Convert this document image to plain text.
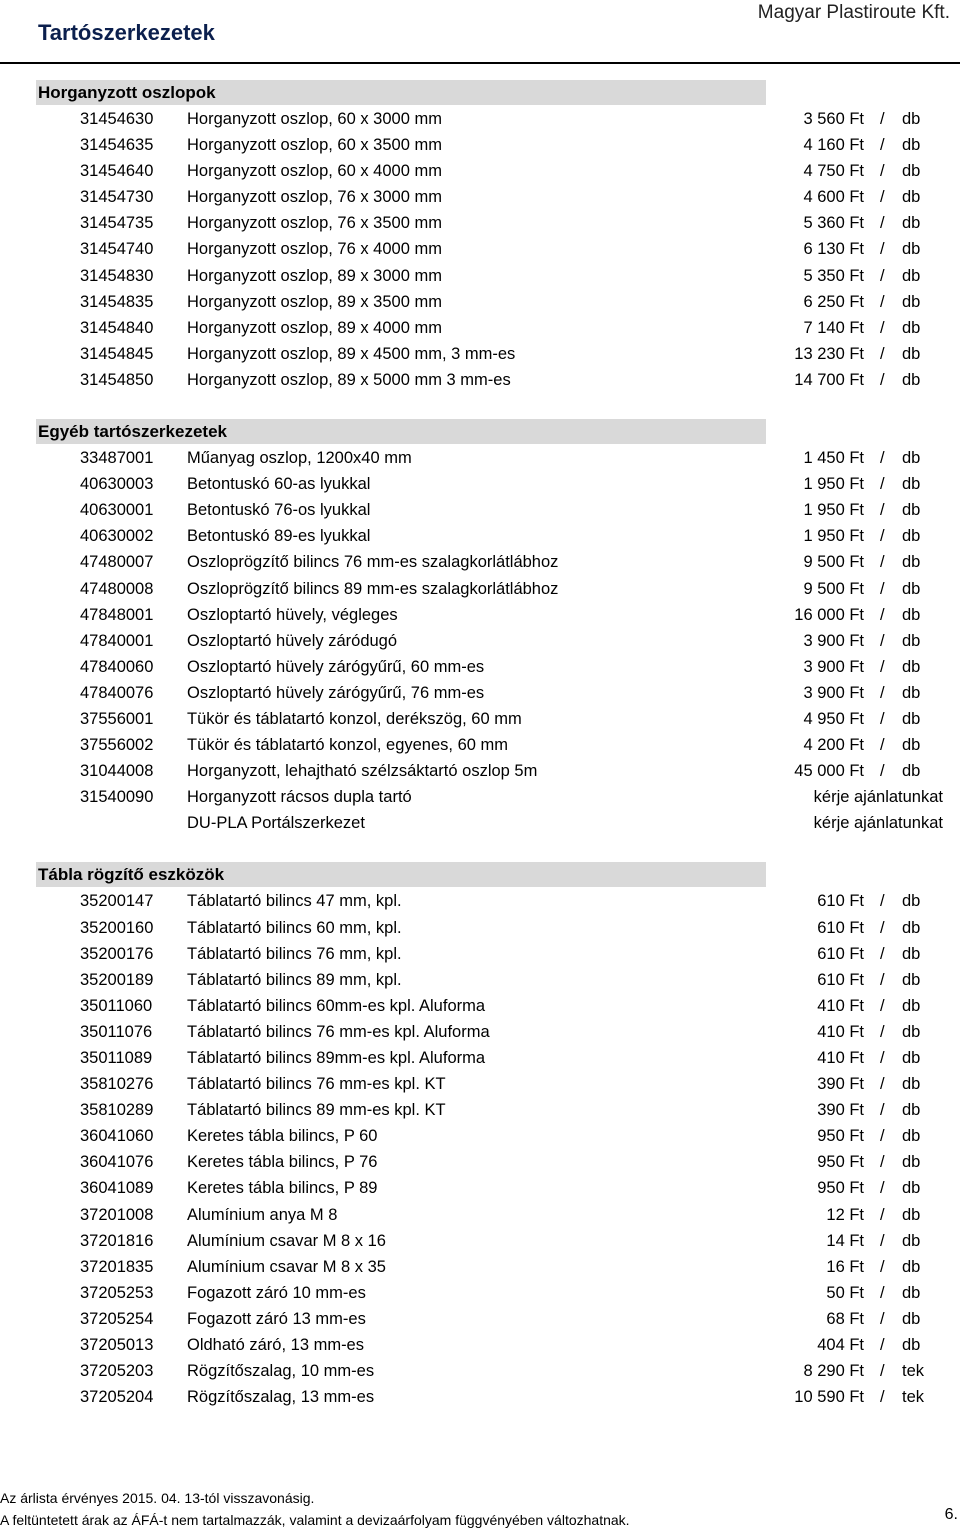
Tartószerkezetek
Magyar Plastiroute Kft.
Horganyzott oszlopok
31454630 Horganyzott oszlop, 60 x 3000 mm	3 560 Ft / db
31454635 Horganyzott oszlop, 60 x 3500 mm	4 160 Ft / db
31454640 Horganyzott oszlop, 60 x 4000 mm	4 750 Ft / db
31454730 Horganyzott oszlop, 76 x 3000 mm	4 600 Ft / db
31454735 Horganyzott oszlop, 76 x 3500 mm	5 360 Ft / db
31454740 Horganyzott oszlop, 76 x 4000 mm	6 130 Ft / db
31454830 Horganyzott oszlop, 89 x 3000 mm	5 350 Ft / db
31454835 Horganyzott oszlop, 89 x 3500 mm	6 250 Ft / db
31454840 Horganyzott oszlop, 89 x 4000 mm	7 140 Ft / db
31454845 Horganyzott oszlop, 89 x 4500 mm, 3 mm-es	13 230 Ft / db
31454850 Horganyzott oszlop, 89 x 5000 mm 3 mm-es	14 700 Ft / db
Egyéb tartószerkezetek
33487001 Műanyag oszlop, 1200x40 mm	1 450 Ft / db
40630003 Betontuskó 60-as lyukkal	1 950 Ft / db
40630001 Betontuskó 76-os lyukkal	1 950 Ft / db
40630002 Betontuskó 89-es lyukkal	1 950 Ft / db
47480007 Oszloprögzítő bilincs 76 mm-es szalagkorlátlábhoz	9 500 Ft / db
47480008 Oszloprögzítő bilincs 89 mm-es szalagkorlátlábhoz	9 500 Ft / db
47848001 Oszloptartó hüvely, végleges	16 000 Ft / db
47840001 Oszloptartó hüvely záródugó	3 900 Ft / db
47840060 Oszloptartó hüvely zárógyűrű, 60 mm-es	3 900 Ft / db
47840076 Oszloptartó hüvely zárógyűrű, 76 mm-es	3 900 Ft / db
37556001 Tükör és táblatartó konzol, derékszög, 60 mm	4 950 Ft / db
37556002 Tükör és táblatartó konzol, egyenes, 60 mm	4 200 Ft / db
31044008 Horganyzott, lehajtható szélzsáktartó oszlop 5m	45 000 Ft / db
31540090 Horganyzott rácsos dupla tartó	kérje ajánlatunkat
DU-PLA Portálszerkezet	kérje ajánlatunkat
Tábla rögzítő eszközök
35200147 Táblatartó bilincs 47 mm, kpl.	610 Ft / db
35200160 Táblatartó bilincs 60 mm, kpl.	610 Ft / db
35200176 Táblatartó bilincs 76 mm, kpl.	610 Ft / db
35200189 Táblatartó bilincs 89 mm, kpl.	610 Ft / db
35011060 Táblatartó bilincs 60mm-es kpl. Aluforma	410 Ft / db
35011076 Táblatartó bilincs 76 mm-es kpl. Aluforma	410 Ft / db
35011089 Táblatartó bilincs 89mm-es kpl. Aluforma	410 Ft / db
35810276 Táblatartó bilincs 76 mm-es kpl. KT	390 Ft / db
35810289 Táblatartó bilincs 89 mm-es kpl. KT	390 Ft / db
36041060 Keretes tábla bilincs, P 60	950 Ft / db
36041076 Keretes tábla bilincs, P 76	950 Ft / db
36041089 Keretes tábla bilincs, P 89	950 Ft / db
37201008 Alumínium anya M 8	12 Ft / db
37201816 Alumínium csavar M 8 x 16	14 Ft / db
37201835 Alumínium csavar M 8 x 35	16 Ft / db
37205253 Fogazott záró 10 mm-es	50 Ft / db
37205254 Fogazott záró 13 mm-es	68 Ft / db
37205013 Oldható záró, 13 mm-es	404 Ft / db
37205203 Rögzítőszalag, 10 mm-es	8 290 Ft / tek
37205204 Rögzítőszalag, 13 mm-es	10 590 Ft / tek
Az árlista érvényes 2015. 04. 13-tól visszavonásig.
A feltüntetett árak az ÁFÁ-t nem tartalmazzák, valamint a devizaárfolyam függvényében változhatnak.	6.
